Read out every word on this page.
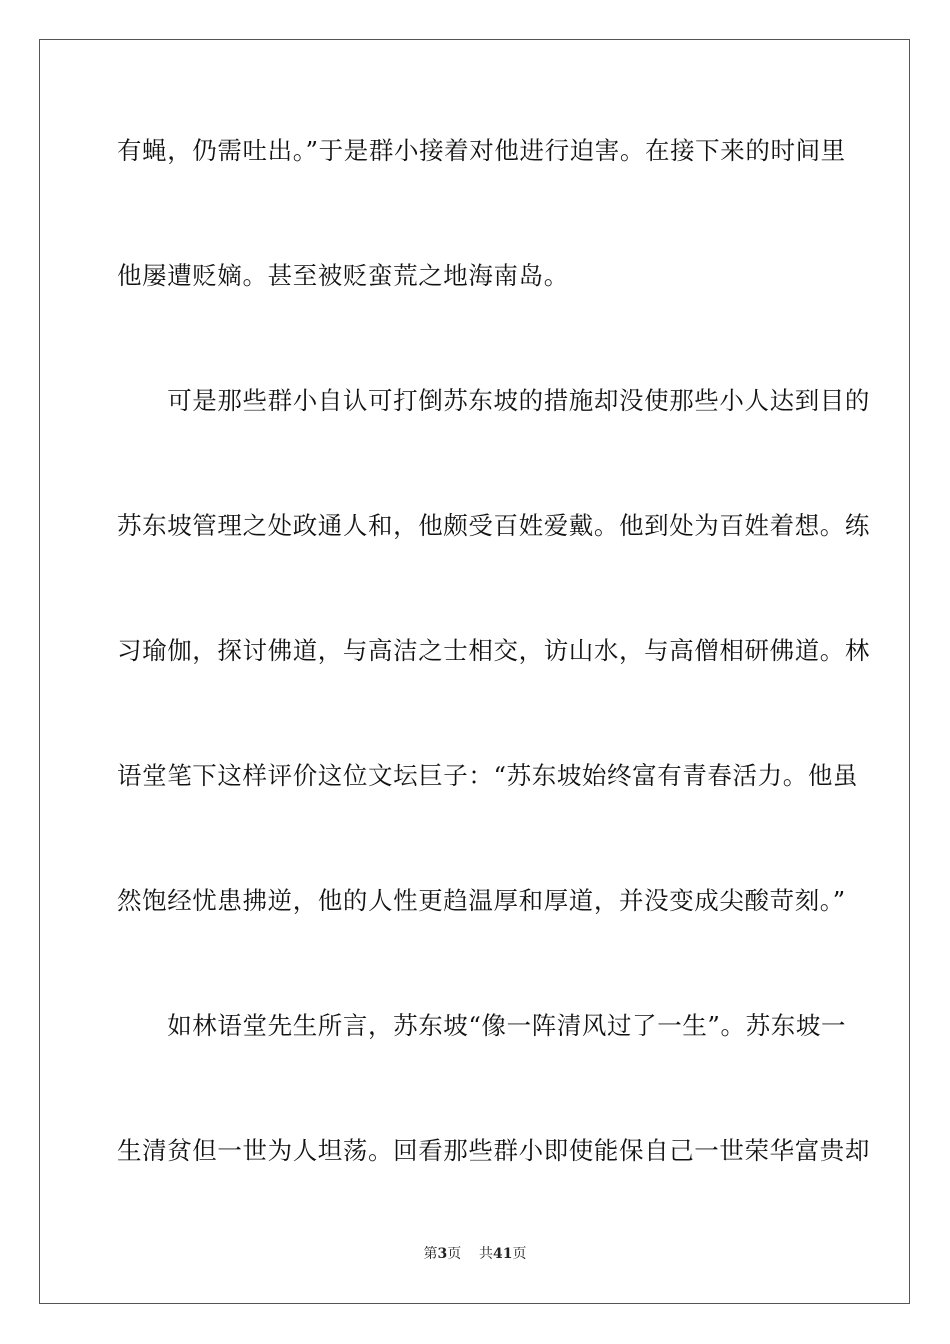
有蝇，仍需吐出。”于是群小接着对他进行迫害。在接下来的时间里
他屡遭贬嫡。甚至被贬蛮荒之地海南岛。
　　可是那些群小自认可打倒苏东坡的措施却没使那些小人达到目的
苏东坡管理之处政通人和，他颇受百姓爱戴。他到处为百姓着想。练
习瑜伽，探讨佛道，与高洁之士相交，访山水，与高僧相研佛道。林
语堂笔下这样评价这位文坛巨子：“苏东坡始终富有青春活力。他虽
然饱经忧患拂逆，他的人性更趋温厚和厚道，并没变成尖酸苛刻。”
　　如林语堂先生所言，苏东坡“像一阵清风过了一生”。苏东坡一
生清贫但一世为人坦荡。回看那些群小即使能保自己一世荣华富贵却
第3页 共41页
